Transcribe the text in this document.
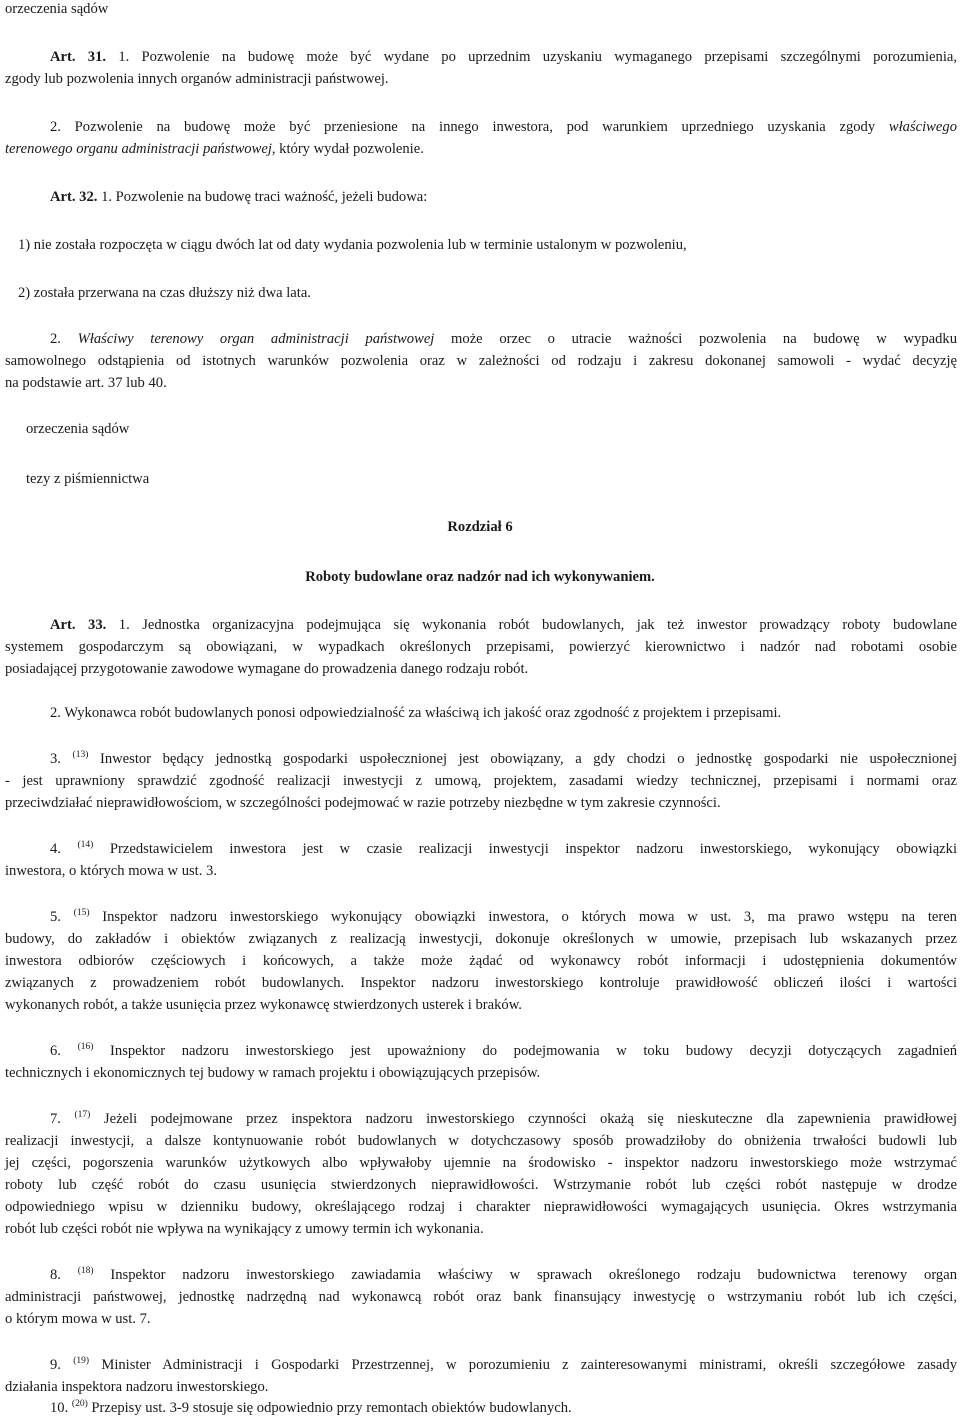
orzeczenia sądów
Art. 31. 1. Pozwolenie na budowę może być wydane po uprzednim uzyskaniu wymaganego przepisami szczególnymi porozumienia,
zgody lub pozwolenia innych organów administracji państwowej.
2. Pozwolenie na budowę może być przeniesione na innego inwestora, pod warunkiem uprzedniego uzyskania zgody właściwego
terenowego organu administracji państwowej, który wydał pozwolenie.
Art. 32. 1. Pozwolenie na budowę traci ważność, jeżeli budowa:
1) nie została rozpoczęta w ciągu dwóch lat od daty wydania pozwolenia lub w terminie ustalonym w pozwoleniu,
2) została przerwana na czas dłuższy niż dwa lata.
2. Właściwy terenowy organ administracji państwowej może orzec o utracie ważności pozwolenia na budowę w wypadku
samowolnego odstąpienia od istotnych warunków pozwolenia oraz w zależności od rodzaju i zakresu dokonanej samowoli - wydać decyzję
na podstawie art. 37 lub 40.
orzeczenia sądów
tezy z piśmiennictwa
Rozdział 6
Roboty budowlane oraz nadzór nad ich wykonywaniem.
Art. 33. 1. Jednostka organizacyjna podejmująca się wykonania robót budowlanych, jak też inwestor prowadzący roboty budowlane
systemem gospodarczym są obowiązani, w wypadkach określonych przepisami, powierzyć kierownictwo i nadzór nad robotami osobie
posiadającej przygotowanie zawodowe wymagane do prowadzenia danego rodzaju robót.
2. Wykonawca robót budowlanych ponosi odpowiedzialność za właściwą ich jakość oraz zgodność z projektem i przepisami.
3. $^{(13)}$ Inwestor będący jednostką gospodarki uspołecznionej jest obowiązany, a gdy chodzi o jednostkę gospodarki nie uspołecznionej
- jest uprawniony sprawdzić zgodność realizacji inwestycji z umową, projektem, zasadami wiedzy technicznej, przepisami i normami oraz
przeciwdziałać nieprawidłowościom, w szczególności podejmować w razie potrzeby niezbędne w tym zakresie czynności.
4. $^{(14)}$ Przedstawicielem inwestora jest w czasie realizacji inwestycji inspektor nadzoru inwestorskiego, wykonujący obowiązki
inwestora, o których mowa w ust. 3.
5. $^{(15)}$ Inspektor nadzoru inwestorskiego wykonujący obowiązki inwestora, o których mowa w ust. 3, ma prawo wstępu na teren
budowy, do zakładów i obiektów związanych z realizacją inwestycji, dokonuje określonych w umowie, przepisach lub wskazanych przez
inwestora odbiorów częściowych i końcowych, a także może żądać od wykonawcy robót informacji i udostępnienia dokumentów
związanych z prowadzeniem robót budowlanych. Inspektor nadzoru inwestorskiego kontroluje prawidłowość obliczeń ilości i wartości
wykonanych robót, a także usunięcia przez wykonawcę stwierdzonych usterek i braków.
6. $^{(16)}$ Inspektor nadzoru inwestorskiego jest upoważniony do podejmowania w toku budowy decyzji dotyczących zagadnień
technicznych i ekonomicznych tej budowy w ramach projektu i obowiązujących przepisów.
7. $^{(17)}$ Jeżeli podejmowane przez inspektora nadzoru inwestorskiego czynności okażą się nieskuteczne dla zapewnienia prawidłowej
realizacji inwestycji, a dalsze kontynuowanie robót budowlanych w dotychczasowy sposób prowadziłoby do obniżenia trwałości budowli lub
jej części, pogorszenia warunków użytkowych albo wpływałoby ujemnie na środowisko - inspektor nadzoru inwestorskiego może wstrzymać
roboty lub część robót do czasu usunięcia stwierdzonych nieprawidłowości. Wstrzymanie robót lub części robót następuje w drodze
odpowiedniego wpisu w dzienniku budowy, określającego rodzaj i charakter nieprawidłowości wymagających usunięcia. Okres wstrzymania
robót lub części robót nie wpływa na wynikający z umowy termin ich wykonania.
8. $^{(18)}$ Inspektor nadzoru inwestorskiego zawiadamia właściwy w sprawach określonego rodzaju budownictwa terenowy organ
administracji państwowej, jednostkę nadrzędną nad wykonawcą robót oraz bank finansujący inwestycję o wstrzymaniu robót lub ich części,
o którym mowa w ust. 7.
9. $^{(19)}$ Minister Administracji i Gospodarki Przestrzennej, w porozumieniu z zainteresowanymi ministrami, określi szczegółowe zasady
działania inspektora nadzoru inwestorskiego.
10. $^{(20)}$ Przepisy ust. 3-9 stosuje się odpowiednio przy remontach obiektów budowlanych.
